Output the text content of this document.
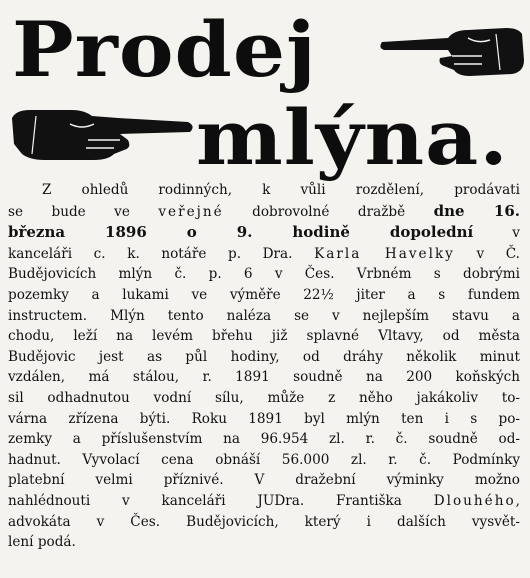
Prodej
mlýna.
Z ohledů rodinných, k vůli rozdělení, prodávati
se bude ve veřejné dobrovolné dražbě dne 16.
března 1896 o 9. hodině dopolední v
kanceláři c. k. notáře p. Dra. Karla Havelky v Č.
Budějovicích mlýn č. p. 6 v Čes. Vrbném s dobrými
pozemky a lukami ve výměře 22½ jiter a s fundem
instructem. Mlýn tento naléza se v nejlepším stavu a
chodu, leží na levém břehu již splavné Vltavy, od města
Budějovic jest as půl hodiny, od dráhy několik minut
vzdálen, má stálou, r. 1891 soudně na 200 koňských
sil odhadnutou vodní sílu, může z něho jakákoliv to-
várna zřízena býti. Roku 1891 byl mlýn ten i s po-
zemky a příslušenstvím na 96.954 zl. r. č. soudně od-
hadnut. Vyvolací cena obnáší 56.000 zl. r. č. Podmínky
platební velmi příznivé. V dražební výminky možno
nahlédnouti v kanceláři JUDra. Františka Dlouhého,
advokáta v Čes. Budějovicích, který i dalších vysvět-
lení podá.
